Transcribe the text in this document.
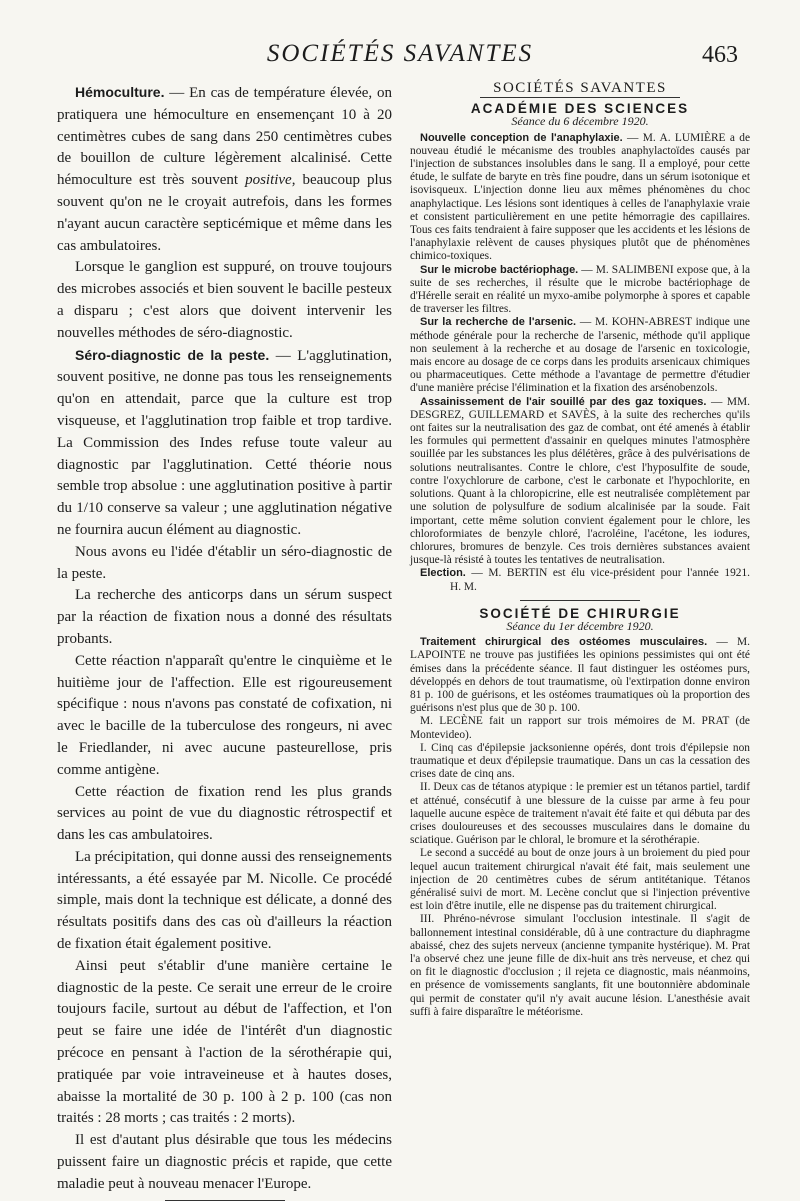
SOCIÉTÉS SAVANTES	463

Hémoculture. — En cas de température élevée, on pratiquera une hémoculture en ensemençant 10 à 20 centimètres cubes de sang dans 250 centimètres cubes de bouillon de culture légèrement alcalinisé. Cette hémoculture est très souvent positive, beaucoup plus souvent qu'on ne le croyait autrefois, dans les formes n'ayant aucun caractère septicémique et même dans les cas ambulatoires.

Lorsque le ganglion est suppuré, on trouve toujours des microbes associés et bien souvent le bacille pesteux a disparu ; c'est alors que doivent intervenir les nouvelles méthodes de séro-diagnostic.

Séro-diagnostic de la peste. — L'agglutination, souvent positive, ne donne pas tous les renseignements qu'on en attendait, parce que la culture est trop visqueuse, et l'agglutination trop faible et trop tardive. La Commission des Indes refuse toute valeur au diagnostic par l'agglutination. Cetté théorie nous semble trop absolue : une agglutination positive à partir du 1/10 conserve sa valeur ; une agglutination négative ne fournira aucun élément au diagnostic.

Nous avons eu l'idée d'établir un séro-diagnostic de la peste.

La recherche des anticorps dans un sérum suspect par la réaction de fixation nous a donné des résultats probants.

Cette réaction n'apparaît qu'entre le cinquième et le huitième jour de l'affection. Elle est rigoureusement spécifique : nous n'avons pas constaté de cofixation, ni avec le bacille de la tuberculose des rongeurs, ni avec le Friedlander, ni avec aucune pasteurellose, pris comme antigène.

Cette réaction de fixation rend les plus grands services au point de vue du diagnostic rétrospectif et dans les cas ambulatoires.

La précipitation, qui donne aussi des renseignements intéressants, a été essayée par M. Nicolle. Ce procédé simple, mais dont la technique est délicate, a donné des résultats positifs dans des cas où d'ailleurs la réaction de fixation était également positive.

Ainsi peut s'établir d'une manière certaine le diagnostic de la peste. Ce serait une erreur de le croire toujours facile, surtout au début de l'affection, et l'on peut se faire une idée de l'intérêt d'un diagnostic précoce en pensant à l'action de la sérothérapie qui, pratiquée par voie intraveineuse et à hautes doses, abaisse la mortalité de 30 p. 100 à 2 p. 100 (cas non traités : 28 morts ; cas traités : 2 morts).

Il est d'autant plus désirable que tous les médecins puissent faire un diagnostic précis et rapide, que cette maladie peut à nouveau menacer l'Europe.

SOCIÉTÉS SAVANTES
ACADÉMIE DES SCIENCES
Séance du 6 décembre 1920.

Nouvelle conception de l'anaphylaxie. — M. A. LUMIÈRE a de nouveau étudié le mécanisme des troubles anaphylactoïdes causés par l'injection de substances insolubles dans le sang. Il a employé, pour cette étude, le sulfate de baryte en très fine poudre, dans un sérum isotonique et isovisqueux. L'injection donne lieu aux mêmes phénomènes du choc anaphylactique. Les lésions sont identiques à celles de l'anaphylaxie vraie et consistent particulièrement en une petite hémorragie des capillaires. Tous ces faits tendraient à faire supposer que les accidents et les lésions de l'anaphylaxie relèvent de causes physiques plutôt que de phénomènes chimico-toxiques.

Sur le microbe bactériophage. — M. SALIMBENI expose que, à la suite de ses recherches, il résulte que le microbe bactériophage de d'Hérelle serait en réalité un myxo-amibe polymorphe à spores et capable de traverser les filtres.

Sur la recherche de l'arsenic. — M. KOHN-ABREST indique une méthode générale pour la recherche de l'arsenic, méthode qu'il applique non seulement à la recherche et au dosage de l'arsenic en toxicologie, mais encore au dosage de ce corps dans les produits arsenicaux chimiques ou pharmaceutiques. Cette méthode a l'avantage de permettre d'étudier d'une manière précise l'élimination et la fixation des arsénobenzols.

Assainissement de l'air souillé par des gaz toxiques. — MM. DESGREZ, GUILLEMARD et SAVÈS, à la suite des recherches qu'ils ont faites sur la neutralisation des gaz de combat, ont été amenés à établir les formules qui permettent d'assainir en quelques minutes l'atmosphère souillée par les substances les plus délétères, grâce à des pulvérisations de solutions neutralisantes. Contre le chlore, c'est l'hyposulfite de soude, contre l'oxychlorure de carbone, c'est le carbonate et l'hypochlorite, en solutions. Quant à la chloropicrine, elle est neutralisée complètement par une solution de polysulfure de sodium alcalinisée par la soude. Fait important, cette même solution convient également pour le chlore, les chloroformiates de benzyle chloré, l'acroléine, l'acétone, les iodures, chlorures, bromures de benzyle. Ces trois dernières substances avaient jusque-là résisté à toutes les tentatives de neutralisation.

Election. — M. BERTIN est élu vice-président pour l'année 1921. H. M.

SOCIÉTÉ DE CHIRURGIE
Séance du 1er décembre 1920.

Traitement chirurgical des ostéomes musculaires. — M. LAPOINTE ne trouve pas justifiées les opinions pessimistes qui ont été émises dans la précédente séance. Il faut distinguer les ostéomes purs, développés en dehors de tout traumatisme, où l'extirpation donne environ 81 p. 100 de guérisons, et les ostéomes traumatiques où la proportion des guérisons n'est plus que de 30 p. 100.

M. LECÈNE fait un rapport sur trois mémoires de M. PRAT (de Montevideo).

I. Cinq cas d'épilepsie jacksonienne opérés, dont trois d'épilepsie non traumatique et deux d'épilepsie traumatique. Dans un cas la cessation des crises date de cinq ans.

II. Deux cas de tétanos atypique : le premier est un tétanos partiel, tardif et atténué, consécutif à une blessure de la cuisse par arme à feu pour laquelle aucune espèce de traitement n'avait été faite et qui débuta par des crises douloureuses et des secousses musculaires dans le domaine du sciatique. Guérison par le chloral, le bromure et la sérothérapie.

Le second a succédé au bout de onze jours à un broiement du pied pour lequel aucun traitement chirurgical n'avait été fait, mais seulement une injection de 20 centimètres cubes de sérum antitétanique. Tétanos généralisé suivi de mort. M. Lecène conclut que si l'injection préventive est loin d'être inutile, elle ne dispense pas du traitement chirurgical.

III. Phréno-névrose simulant l'occlusion intestinale. Il s'agit de ballonnement intestinal considérable, dû à une contracture du diaphragme abaissé, chez des sujets nerveux (ancienne tympanite hystérique). M. Prat l'a observé chez une jeune fille de dix-huit ans très nerveuse, et chez qui on fit le diagnostic d'occlusion ; il rejeta ce diagnostic, mais néanmoins, en présence de vomissements sanglants, fit une boutonnière abdominale qui permit de constater qu'il n'y avait aucune lésion. L'anesthésie avait suffi à faire disparaître le météorisme.
